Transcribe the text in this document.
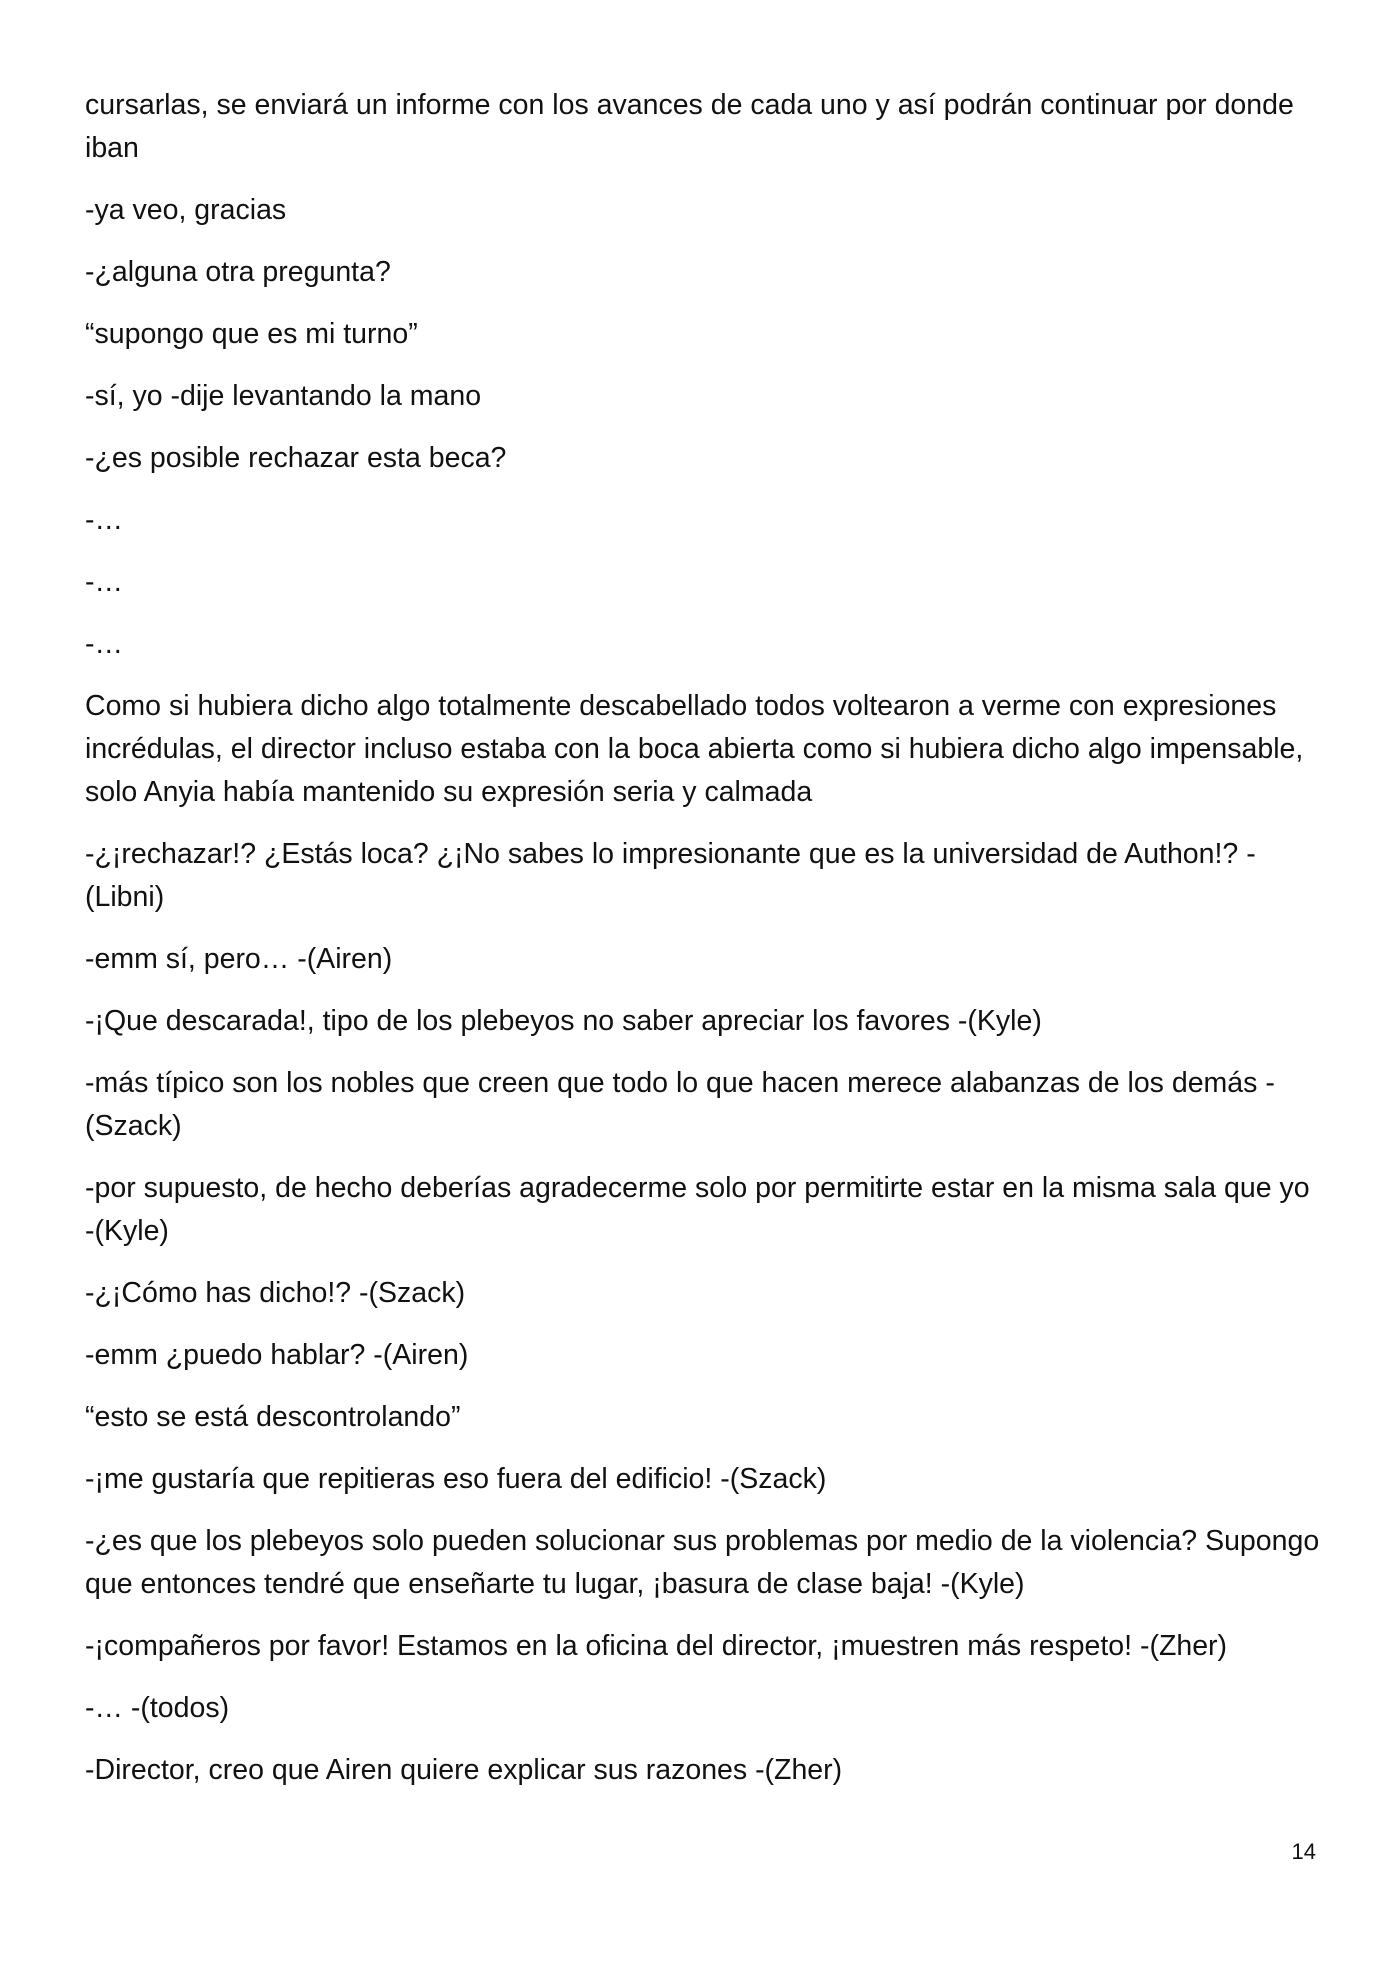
cursarlas, se enviará un informe con los avances de cada uno y así podrán continuar por donde iban

-ya veo, gracias

-¿alguna otra pregunta?

“supongo que es mi turno”

-sí, yo -dije levantando la mano

-¿es posible rechazar esta beca?

-…

-…

-…

Como si hubiera dicho algo totalmente descabellado todos voltearon a verme con expresiones incrédulas, el director incluso estaba con la boca abierta como si hubiera dicho algo impensable, solo Anyia había mantenido su expresión seria y calmada

-¿¡rechazar!? ¿Estás loca? ¿¡No sabes lo impresionante que es la universidad de Authon!? -(Libni)

-emm sí, pero… -(Airen)

-¡Que descarada!, tipo de los plebeyos no saber apreciar los favores -(Kyle)

-más típico son los nobles que creen que todo lo que hacen merece alabanzas de los demás -(Szack)

-por supuesto, de hecho deberías agradecerme solo por permitirte estar en la misma sala que yo -(Kyle)

-¿¡Cómo has dicho!? -(Szack)

-emm ¿puedo hablar? -(Airen)

“esto se está descontrolando”

-¡me gustaría que repitieras eso fuera del edificio! -(Szack)

-¿es que los plebeyos solo pueden solucionar sus problemas por medio de la violencia? Supongo que entonces tendré que enseñarte tu lugar, ¡basura de clase baja! -(Kyle)

-¡compañeros por favor! Estamos en la oficina del director, ¡muestren más respeto! -(Zher)

-… -(todos)

-Director, creo que Airen quiere explicar sus razones -(Zher)

14
